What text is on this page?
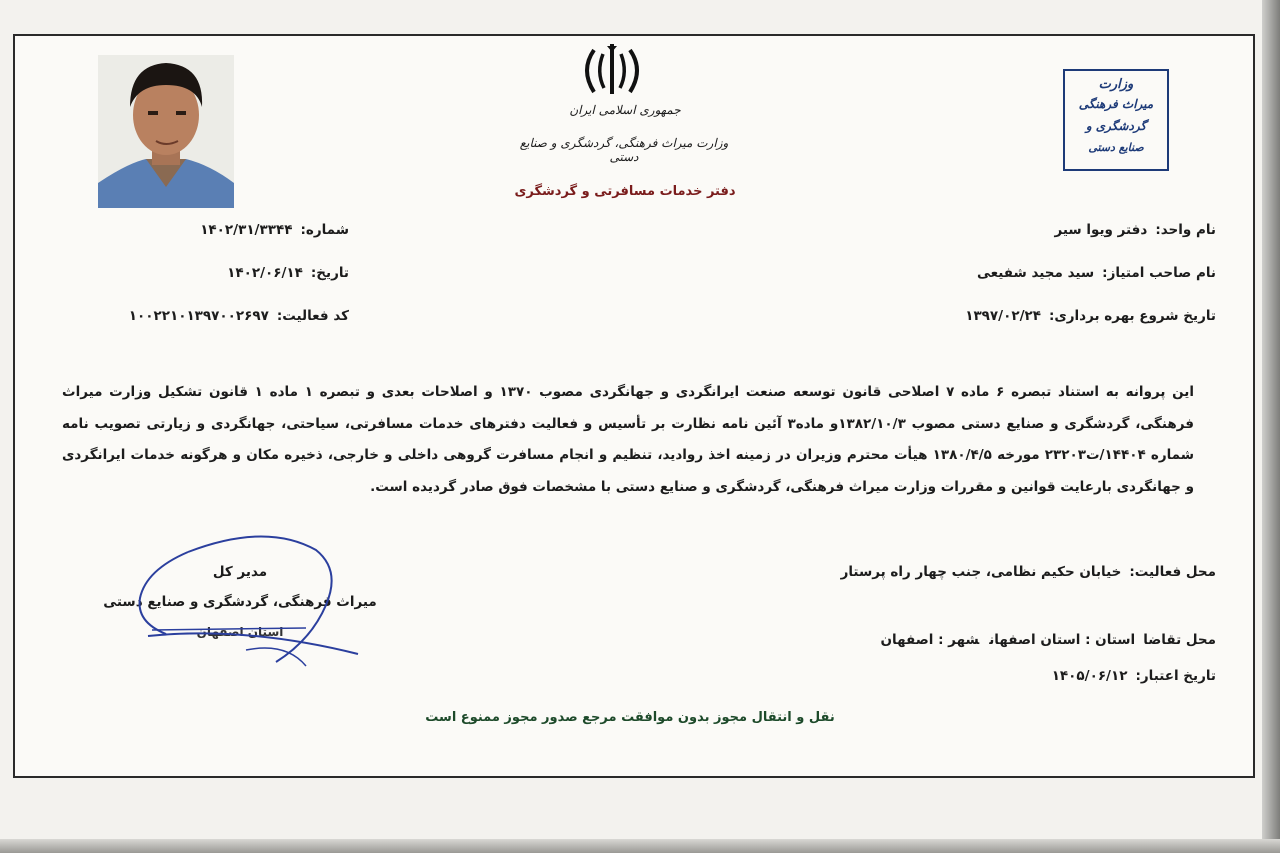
جمهوری اسلامی ایران
وزارت میراث فرهنگی، گردشگری و صنایع دستی
دفتر خدمات مسافرتی و گردشگری
وزارت
میراث فرهنگی
گردشگری و
صنایع دستی
نام واحد:دفتر ویوا سیر
نام صاحب امتیاز:سید مجید شفیعی
تاریخ شروع بهره برداری:۱۳۹۷/۰۲/۲۴
شماره:۱۴۰۲/۳۱/۳۳۴۴
تاریخ:۱۴۰۲/۰۶/۱۴
کد فعالیت:۱۰۰۲۲۱۰۱۳۹۷۰۰۲۶۹۷
این پروانه به استناد تبصره ۶ ماده ۷ اصلاحی قانون توسعه صنعت ایرانگردی و جهانگردی مصوب ۱۳۷۰ و اصلاحات بعدی و تبصره ۱ ماده ۱ قانون تشکیل وزارت میراث فرهنگی، گردشگری و صنایع دستی مصوب ۱۳۸۲/۱۰/۳و ماده۳ آئین نامه نظارت بر تأسیس و فعالیت دفترهای خدمات مسافرتی، سیاحتی، جهانگردی و زیارتی تصویب نامه شماره ۱۴۴۰۴/ت۲۳۲۰۳ مورخه ۱۳۸۰/۴/۵ هیأت محترم وزیران در زمینه اخذ روادید، تنظیم و انجام مسافرت گروهی داخلی و خارجی، ذخیره مکان و هرگونه خدمات ایرانگردی و جهانگردی بارعایت قوانین و مقررات وزارت میراث فرهنگی، گردشگری و صنایع دستی با مشخصات فوق صادر گردیده است.
محل فعالیت:خیابان حکیم نظامی، جنب چهار راه پرستار
محل تقاضااستان : استان اصفهانشهر : اصفهان
تاریخ اعتبار:۱۴۰۵/۰۶/۱۲
مدیر کل
میراث فرهنگی، گردشگری و صنایع دستی
استان اصفهان
نقل و انتقال مجوز بدون موافقت مرجع صدور مجوز ممنوع است
